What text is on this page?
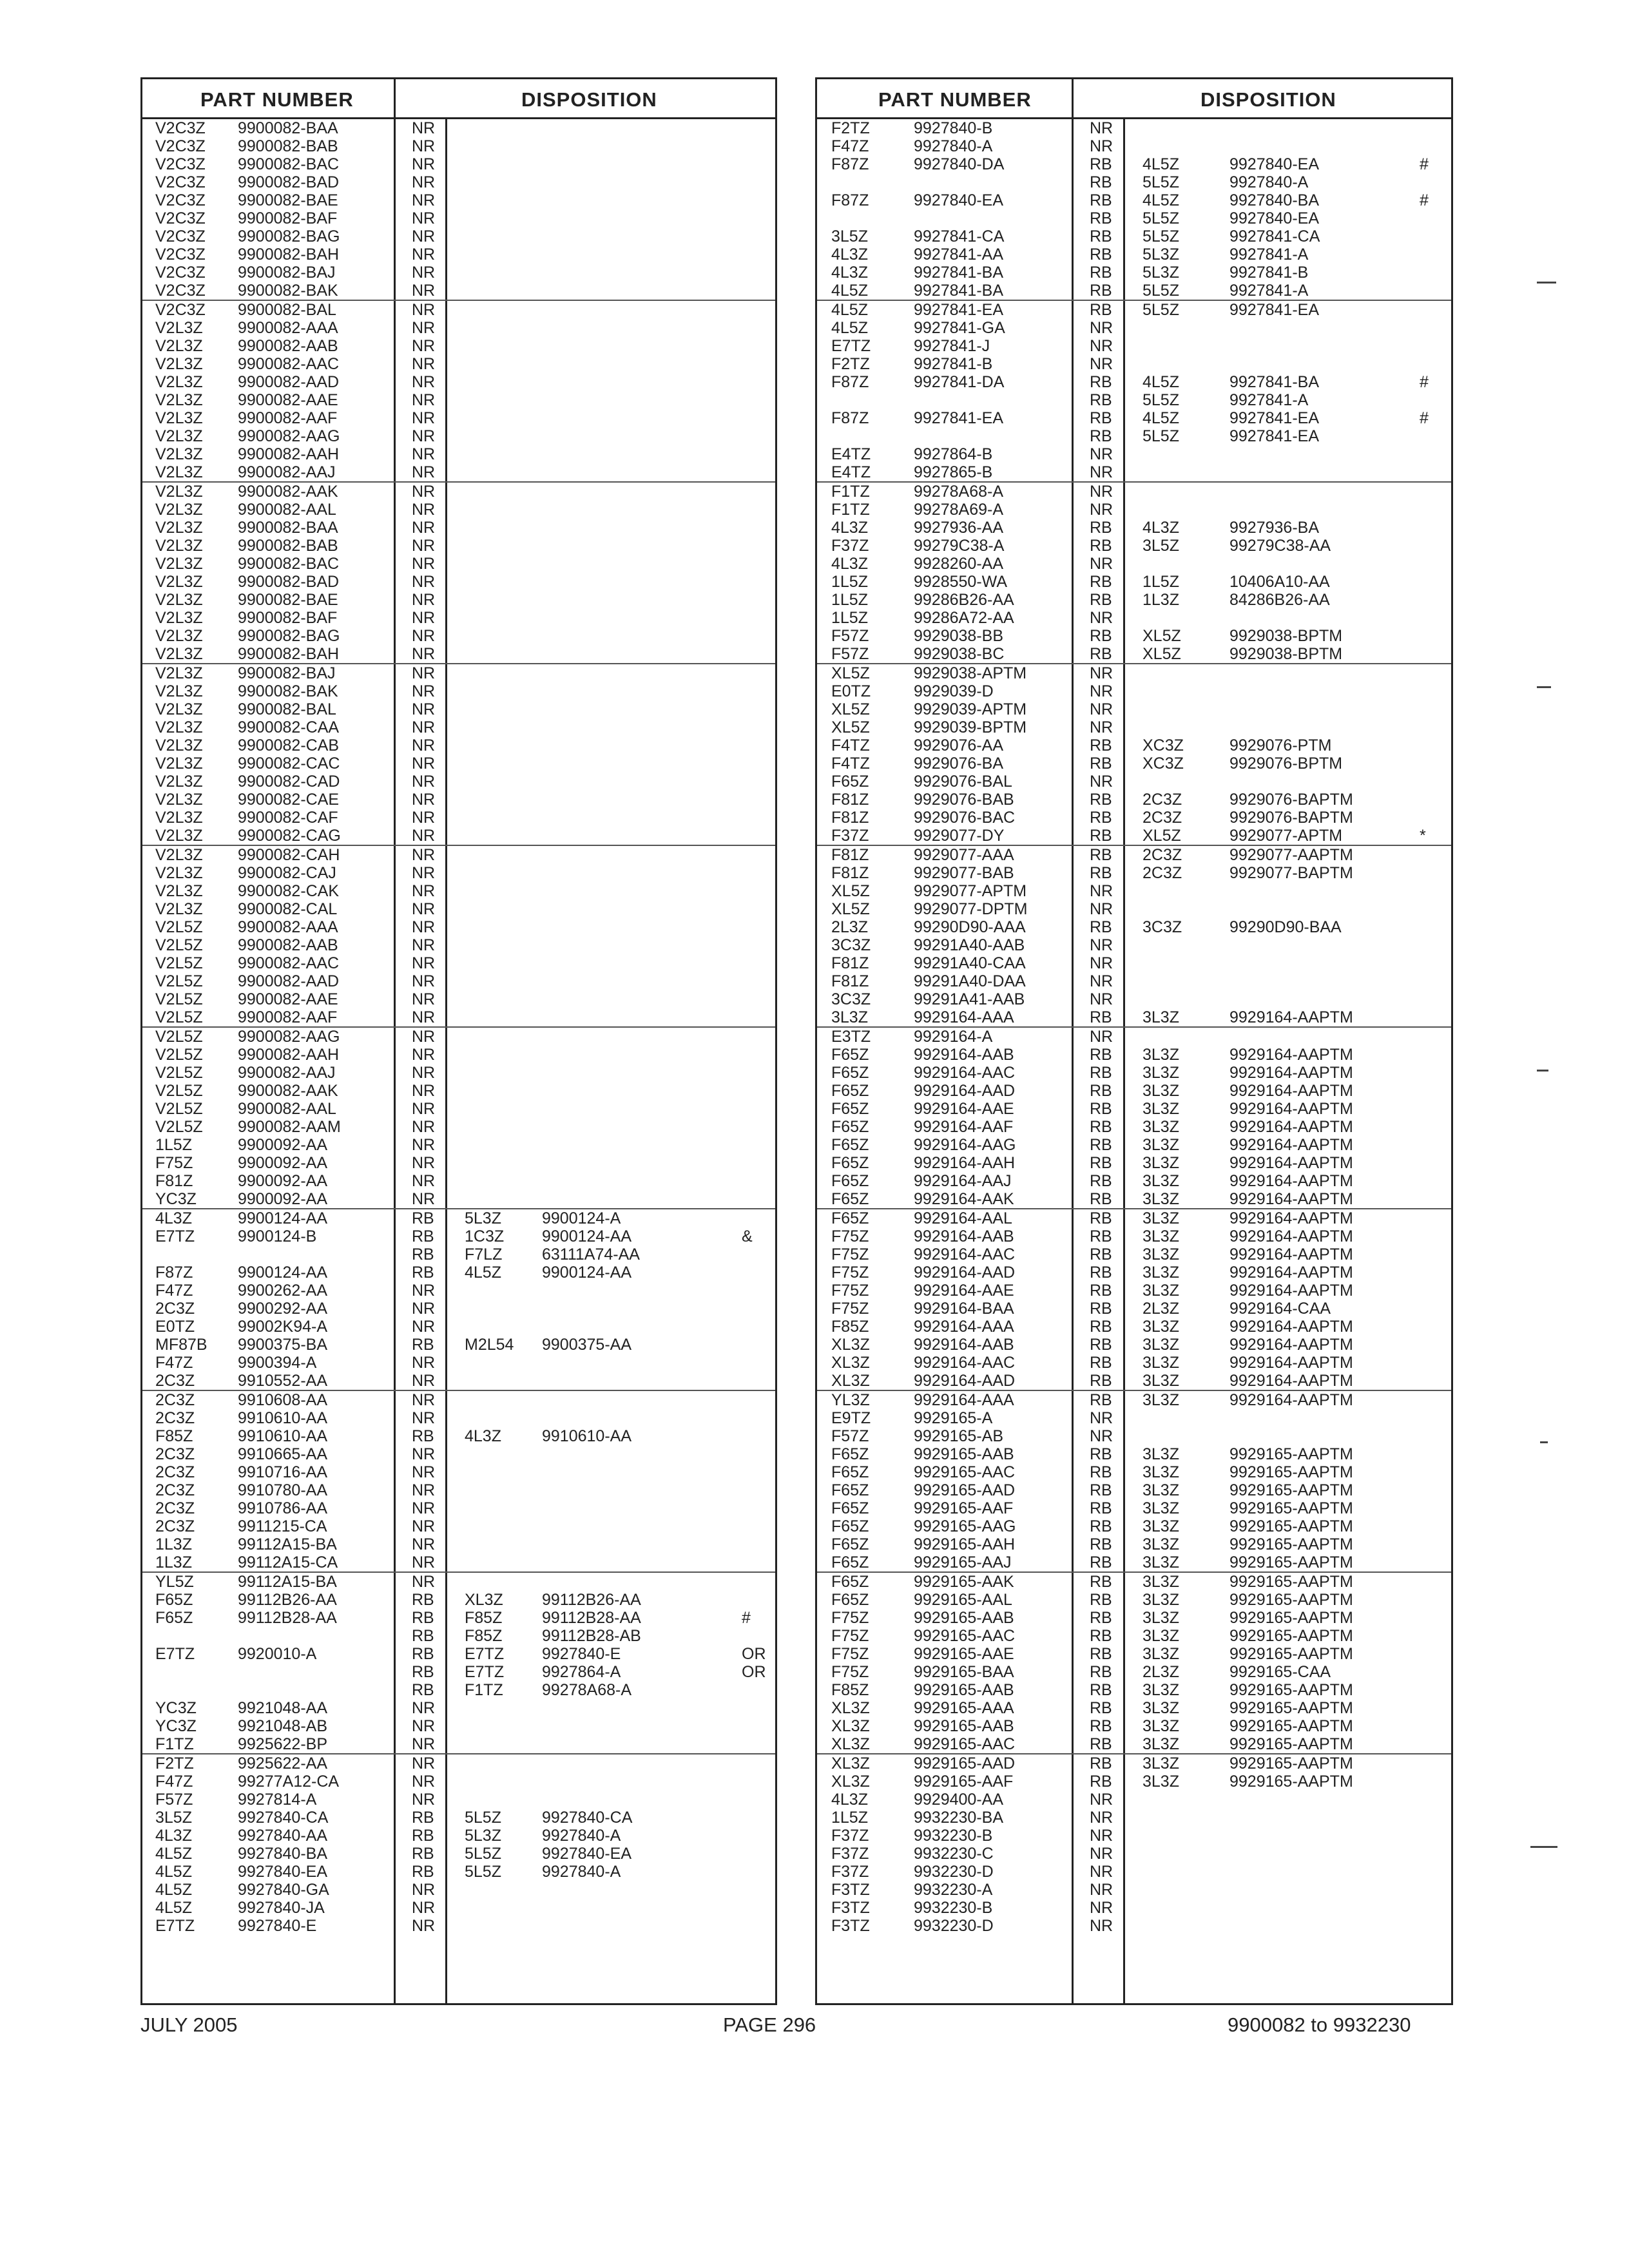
PART NUMBER	DISPOSITION
V2C3Z 9900082-BAA	NR
V2C3Z 9900082-BAB	NR
V2C3Z 9900082-BAC	NR
V2C3Z 9900082-BAD	NR
V2C3Z 9900082-BAE	NR
V2C3Z 9900082-BAF	NR
V2C3Z 9900082-BAG	NR
V2C3Z 9900082-BAH	NR
V2C3Z 9900082-BAJ	NR
V2C3Z 9900082-BAK	NR
V2C3Z 9900082-BAL	NR
V2L3Z 9900082-AAA	NR
V2L3Z 9900082-AAB	NR
V2L3Z 9900082-AAC	NR
V2L3Z 9900082-AAD	NR
V2L3Z 9900082-AAE	NR
V2L3Z 9900082-AAF	NR
V2L3Z 9900082-AAG	NR
V2L3Z 9900082-AAH	NR
V2L3Z 9900082-AAJ	NR
V2L3Z 9900082-AAK	NR
V2L3Z 9900082-AAL	NR
V2L3Z 9900082-BAA	NR
V2L3Z 9900082-BAB	NR
V2L3Z 9900082-BAC	NR
V2L3Z 9900082-BAD	NR
V2L3Z 9900082-BAE	NR
V2L3Z 9900082-BAF	NR
V2L3Z 9900082-BAG	NR
V2L3Z 9900082-BAH	NR
V2L3Z 9900082-BAJ	NR
V2L3Z 9900082-BAK	NR
V2L3Z 9900082-BAL	NR
V2L3Z 9900082-CAA	NR
V2L3Z 9900082-CAB	NR
V2L3Z 9900082-CAC	NR
V2L3Z 9900082-CAD	NR
V2L3Z 9900082-CAE	NR
V2L3Z 9900082-CAF	NR
V2L3Z 9900082-CAG	NR
V2L3Z 9900082-CAH	NR
V2L3Z 9900082-CAJ	NR
V2L3Z 9900082-CAK	NR
V2L3Z 9900082-CAL	NR
V2L5Z 9900082-AAA	NR
V2L5Z 9900082-AAB	NR
V2L5Z 9900082-AAC	NR
V2L5Z 9900082-AAD	NR
V2L5Z 9900082-AAE	NR
V2L5Z 9900082-AAF	NR
V2L5Z 9900082-AAG	NR
V2L5Z 9900082-AAH	NR
V2L5Z 9900082-AAJ	NR
V2L5Z 9900082-AAK	NR
V2L5Z 9900082-AAL	NR
V2L5Z 9900082-AAM	NR
1L5Z	9900092-AA	NR
F75Z	9900092-AA	NR
F81Z	9900092-AA	NR
YC3Z	9900092-AA	NR
4L3Z	9900124-AA	RB 5L3Z	9900124-A
E7TZ	9900124-B	RB 1C3Z 9900124-AA	&
RB F7LZ 63111A74-AA
F87Z	9900124-AA	RB 4L5Z	9900124-AA
F47Z	9900262-AA	NR
2C3Z	9900292-AA	NR
E0TZ	99002K94-A	NR
MF87B 9900375-BA	RB M2L54 9900375-AA
F47Z	9900394-A	NR
2C3Z	9910552-AA	NR
2C3Z	9910608-AA	NR
2C3Z	9910610-AA	NR
F85Z	9910610-AA	RB 4L3Z	9910610-AA
2C3Z	9910665-AA	NR
2C3Z	9910716-AA	NR
2C3Z	9910780-AA	NR
2C3Z	9910786-AA	NR
2C3Z	9911215-CA	NR
1L3Z	99112A15-BA	NR
1L3Z	99112A15-CA	NR
YL5Z	99112A15-BA	NR
F65Z	99112B26-AA	RB XL3Z 99112B26-AA
F65Z	99112B28-AA	RB F85Z 99112B28-AA	#
RB F85Z 99112B28-AB
E7TZ	9920010-A	RB E7TZ 9927840-E	OR
RB E7TZ 9927864-A	OR
RB F1TZ 99278A68-A
YC3Z	9921048-AA	NR
YC3Z	9921048-AB	NR
F1TZ	9925622-BP	NR
F2TZ	9925622-AA	NR
F47Z	99277A12-CA	NR
F57Z	9927814-A	NR
3L5Z	9927840-CA	RB 5L5Z	9927840-CA
4L3Z	9927840-AA	RB 5L3Z	9927840-A
4L5Z	9927840-BA	RB 5L5Z	9927840-EA
4L5Z	9927840-EA	RB 5L5Z	9927840-A
4L5Z	9927840-GA	NR
4L5Z	9927840-JA	NR
E7TZ	9927840-E	NR
PART NUMBER	DISPOSITION
F2TZ	9927840-B	NR
F47Z	9927840-A	NR
F87Z	9927840-DA	RB 4L5Z	9927840-EA	#
RB 5L5Z	9927840-A
F87Z	9927840-EA	RB 4L5Z	9927840-BA	#
RB 5L5Z	9927840-EA
3L5Z	9927841-CA	RB 5L5Z	9927841-CA
4L3Z	9927841-AA	RB 5L3Z	9927841-A
4L3Z	9927841-BA	RB 5L3Z	9927841-B
4L5Z	9927841-BA	RB 5L5Z	9927841-A
4L5Z	9927841-EA	RB 5L5Z	9927841-EA
4L5Z	9927841-GA	NR
E7TZ	9927841-J	NR
F2TZ	9927841-B	NR
F87Z	9927841-DA	RB 4L5Z	9927841-BA	#
RB 5L5Z	9927841-A
F87Z	9927841-EA	RB 4L5Z	9927841-EA	#
RB 5L5Z	9927841-EA
E4TZ	9927864-B	NR
E4TZ	9927865-B	NR
F1TZ	99278A68-A	NR
F1TZ	99278A69-A	NR
4L3Z	9927936-AA	RB 4L3Z	9927936-BA
F37Z	99279C38-A	RB 3L5Z	99279C38-AA
4L3Z	9928260-AA	NR
1L5Z	9928550-WA	RB 1L5Z	10406A10-AA
1L5Z	99286B26-AA	RB 1L3Z	84286B26-AA
1L5Z	99286A72-AA	NR
F57Z	9929038-BB	RB XL5Z	9929038-BPTM
F57Z	9929038-BC	RB XL5Z	9929038-BPTM
XL5Z	9929038-APTM	NR
E0TZ	9929039-D	NR
XL5Z	9929039-APTM	NR
XL5Z	9929039-BPTM	NR
F4TZ	9929076-AA	RB XC3Z	9929076-PTM
F4TZ	9929076-BA	RB XC3Z	9929076-BPTM
F65Z	9929076-BAL	NR
F81Z	9929076-BAB	RB 2C3Z	9929076-BAPTM
F81Z	9929076-BAC	RB 2C3Z	9929076-BAPTM
F37Z	9929077-DY	RB XL5Z	9929077-APTM	*
F81Z	9929077-AAA	RB 2C3Z	9929077-AAPTM
F81Z	9929077-BAB	RB 2C3Z	9929077-BAPTM
XL5Z	9929077-APTM	NR
XL5Z	9929077-DPTM	NR
2L3Z	99290D90-AAA	RB 3C3Z	99290D90-BAA
3C3Z	99291A40-AAB	NR
F81Z	99291A40-CAA	NR
F81Z	99291A40-DAA	NR
3C3Z	99291A41-AAB	NR
3L3Z	9929164-AAA	RB 3L3Z	9929164-AAPTM
E3TZ	9929164-A	NR
F65Z	9929164-AAB	RB 3L3Z	9929164-AAPTM
F65Z	9929164-AAC	RB 3L3Z	9929164-AAPTM
F65Z	9929164-AAD	RB 3L3Z	9929164-AAPTM
F65Z	9929164-AAE	RB 3L3Z	9929164-AAPTM
F65Z	9929164-AAF	RB 3L3Z	9929164-AAPTM
F65Z	9929164-AAG	RB 3L3Z	9929164-AAPTM
F65Z	9929164-AAH	RB 3L3Z	9929164-AAPTM
F65Z	9929164-AAJ	RB 3L3Z	9929164-AAPTM
F65Z	9929164-AAK	RB 3L3Z	9929164-AAPTM
F65Z	9929164-AAL	RB 3L3Z	9929164-AAPTM
F75Z	9929164-AAB	RB 3L3Z	9929164-AAPTM
F75Z	9929164-AAC	RB 3L3Z	9929164-AAPTM
F75Z	9929164-AAD	RB 3L3Z	9929164-AAPTM
F75Z	9929164-AAE	RB 3L3Z	9929164-AAPTM
F75Z	9929164-BAA	RB 2L3Z	9929164-CAA
F85Z	9929164-AAA	RB 3L3Z	9929164-AAPTM
XL3Z	9929164-AAB	RB 3L3Z	9929164-AAPTM
XL3Z	9929164-AAC	RB 3L3Z	9929164-AAPTM
XL3Z	9929164-AAD	RB 3L3Z	9929164-AAPTM
YL3Z	9929164-AAA	RB 3L3Z	9929164-AAPTM
E9TZ	9929165-A	NR
F57Z	9929165-AB	NR
F65Z	9929165-AAB	RB 3L3Z	9929165-AAPTM
F65Z	9929165-AAC	RB 3L3Z	9929165-AAPTM
F65Z	9929165-AAD	RB 3L3Z	9929165-AAPTM
F65Z	9929165-AAF	RB 3L3Z	9929165-AAPTM
F65Z	9929165-AAG	RB 3L3Z	9929165-AAPTM
F65Z	9929165-AAH	RB 3L3Z	9929165-AAPTM
F65Z	9929165-AAJ	RB 3L3Z	9929165-AAPTM
F65Z	9929165-AAK	RB 3L3Z	9929165-AAPTM
F65Z	9929165-AAL	RB 3L3Z	9929165-AAPTM
F75Z	9929165-AAB	RB 3L3Z	9929165-AAPTM
F75Z	9929165-AAC	RB 3L3Z	9929165-AAPTM
F75Z	9929165-AAE	RB 3L3Z	9929165-AAPTM
F75Z	9929165-BAA	RB 2L3Z	9929165-CAA
F85Z	9929165-AAB	RB 3L3Z	9929165-AAPTM
XL3Z	9929165-AAA	RB 3L3Z	9929165-AAPTM
XL3Z	9929165-AAB	RB 3L3Z	9929165-AAPTM
XL3Z	9929165-AAC	RB 3L3Z	9929165-AAPTM
XL3Z	9929165-AAD	RB 3L3Z	9929165-AAPTM
XL3Z	9929165-AAF	RB 3L3Z	9929165-AAPTM
4L3Z	9929400-AA	NR
1L5Z	9932230-BA	NR
F37Z	9932230-B	NR
F37Z	9932230-C	NR
F37Z	9932230-D	NR
F3TZ	9932230-A	NR
F3TZ	9932230-B	NR
F3TZ	9932230-D	NR
JULY 2005	PAGE 296	9900082 to 9932230
